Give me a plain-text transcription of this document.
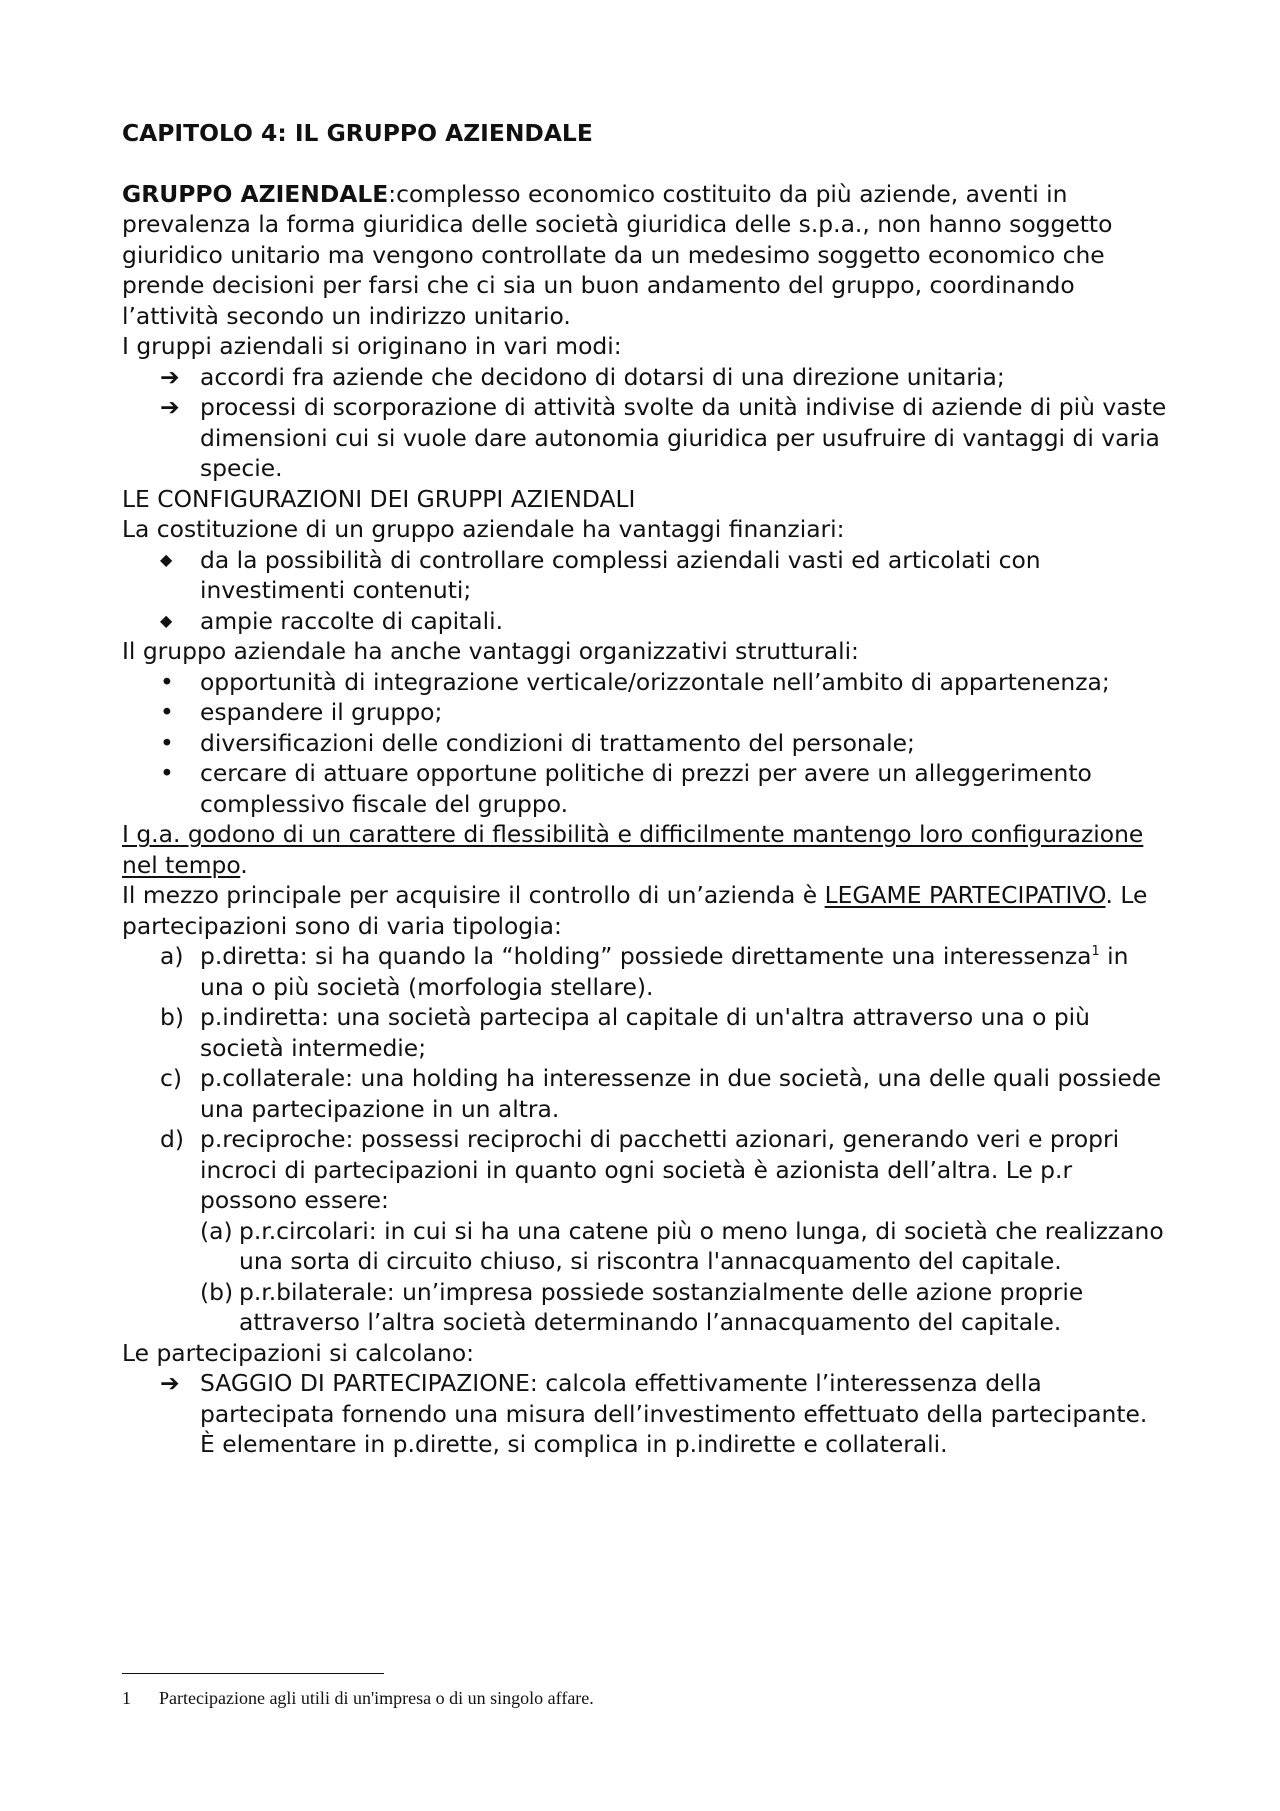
CAPITOLO 4: IL GRUPPO AZIENDALE

GRUPPO AZIENDALE:complesso economico costituito da più aziende, aventi in prevalenza la forma giuridica delle società giuridica delle s.p.a., non hanno soggetto giuridico unitario ma vengono controllate da un medesimo soggetto economico che prende decisioni per farsi che ci sia un buon andamento del gruppo, coordinando l’attività secondo un indirizzo unitario.

I gruppi aziendali si originano in vari modi:

➔ accordi fra aziende che decidono di dotarsi di una direzione unitaria;
➔ processi di scorporazione di attività svolte da unità indivise di aziende di più vaste dimensioni cui si vuole dare autonomia giuridica per usufruire di vantaggi di varia specie.

LE CONFIGURAZIONI DEI GRUPPI AZIENDALI

La costituzione di un gruppo aziendale ha vantaggi finanziari:

◆ da la possibilità di controllare complessi aziendali vasti ed articolati con investimenti contenuti;
◆ ampie raccolte di capitali.

Il gruppo aziendale ha anche vantaggi organizzativi strutturali:

• opportunità di integrazione verticale/orizzontale nell’ambito di appartenenza;
• espandere il gruppo;
• diversificazioni delle condizioni di trattamento del personale;
• cercare di attuare opportune politiche di prezzi per avere un alleggerimento complessivo fiscale del gruppo.

I g.a. godono di un carattere di flessibilità e difficilmente mantengo loro configurazione nel tempo.

Il mezzo principale per acquisire il controllo di un’azienda è LEGAME PARTECIPATIVO. Le partecipazioni sono di varia tipologia:

a) p.diretta: si ha quando la “holding” possiede direttamente una interessenza$^1$ in una o più società (morfologia stellare).
b) p.indiretta: una società partecipa al capitale di un'altra attraverso una o più società intermedie;
c) p.collaterale: una holding ha interessenze in due società, una delle quali possiede una partecipazione in un altra.
d) p.reciproche: possessi reciprochi di pacchetti azionari, generando veri e propri incroci di partecipazioni in quanto ogni società è azionista dell’altra. Le p.r possono essere:
(a) p.r.circolari: in cui si ha una catene più o meno lunga, di società che realizzano una sorta di circuito chiuso, si riscontra l'annacquamento del capitale.
(b) p.r.bilaterale: un’impresa possiede sostanzialmente delle azione proprie attraverso l’altra società determinando l’annacquamento del capitale.

Le partecipazioni si calcolano:

➔ SAGGIO DI PARTECIPAZIONE: calcola effettivamente l’interessenza della partecipata fornendo una misura dell’investimento effettuato della partecipante. È elementare in p.dirette, si complica in p.indirette e collaterali.
1 Partecipazione agli utili di un'impresa o di un singolo affare.
